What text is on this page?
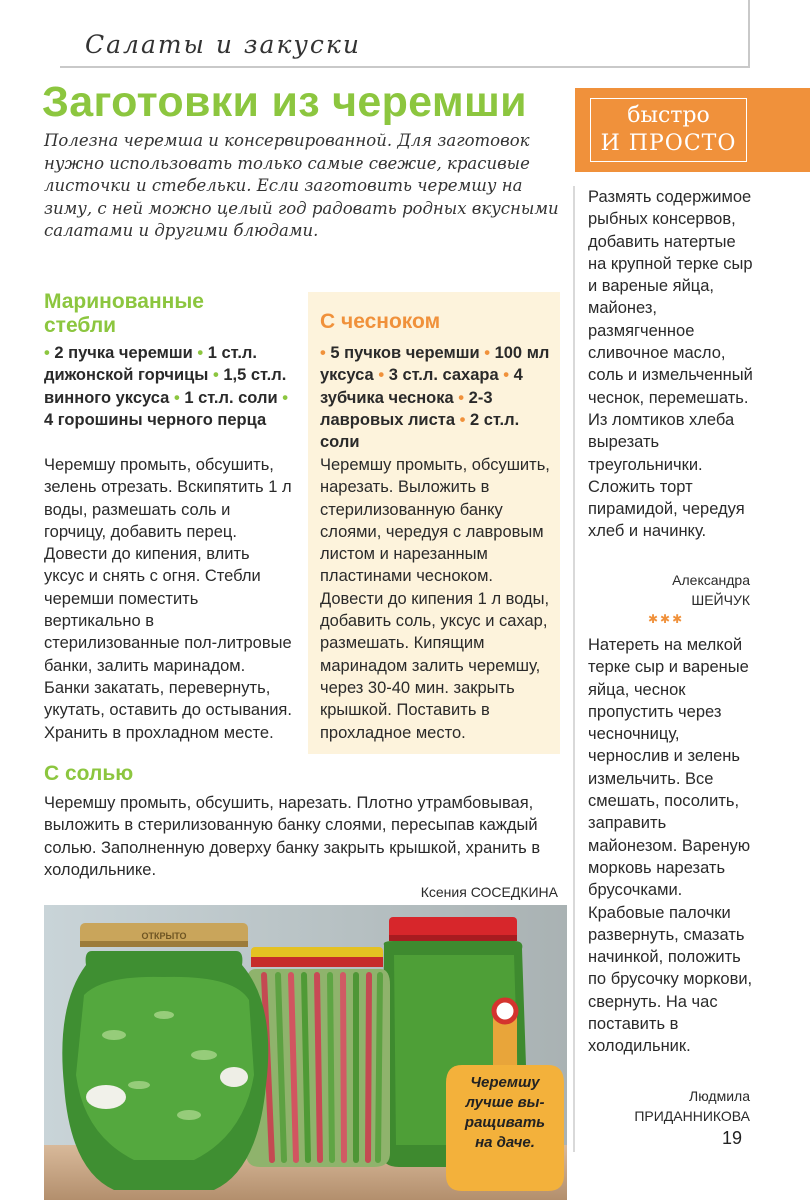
Салаты и закуски
Заготовки из черемши
Полезна черемша и консервированной. Для заготовок нужно использовать только самые свежие, красивые листочки и стебельки. Если заготовить черемшу на зиму, с ней можно целый год радовать родных вкусными салатами и другими блюдами.
Маринованные
стебли
• 2 пучка черемши • 1 ст.л. дижонской горчицы • 1,5 ст.л. винного уксуса • 1 ст.л. соли • 4 горошины черного перца
Черемшу промыть, обсушить, зелень отрезать. Вскипятить 1 л воды, размешать соль и горчицу, добавить перец. Довести до кипения, влить уксус и снять с огня. Стебли черемши поместить вертикально в стерилизованные пол-литровые банки, залить маринадом. Банки закатать, перевернуть, укутать, оставить до остывания. Хранить в прохладном месте.
С чесноком
• 5 пучков черемши • 100 мл уксуса • 3 ст.л. сахара • 4 зубчика чеснока • 2-3 лавровых листа • 2 ст.л. соли
Черемшу промыть, обсушить, нарезать. Выложить в стерилизованную банку слоями, чередуя с лавровым листом и нарезанным пластинами чесноком. Довести до кипения 1 л воды, добавить соль, уксус и сахар, размешать. Кипящим маринадом залить черемшу, через 30-40 мин. закрыть крышкой. Поставить в прохладное место.
С солью
Черемшу промыть, обсушить, нарезать. Плотно утрамбовывая, выложить в стерилизованную банку слоями, пересыпав каждый солью. Заполненную доверху банку закрыть крышкой, хранить в холодильнике.
Ксения СОСЕДКИНА
быстро
И ПРОСТО
Размять содержимое рыбных консервов, добавить натертые на крупной терке сыр и вареные яйца, майонез, размягченное сливочное масло, соль и измельченный чеснок, перемешать. Из ломтиков хлеба вырезать треугольнички. Сложить торт пирамидой, чередуя хлеб и начинку.
Александра
ШЕЙЧУК
✱✱✱
Натереть на мелкой терке сыр и вареные яйца, чеснок пропустить через чесночницу, чернослив и зелень измельчить. Все смешать, посолить, заправить майонезом. Вареную морковь нарезать брусочками. Крабовые палочки развернуть, смазать начинкой, положить по брусочку моркови, свернуть. На час поставить в холодильник.
Людмила
ПРИДАННИКОВА
ОТКРЫТО
Черемшу
лучше вы-
ращивать
на даче.	19
